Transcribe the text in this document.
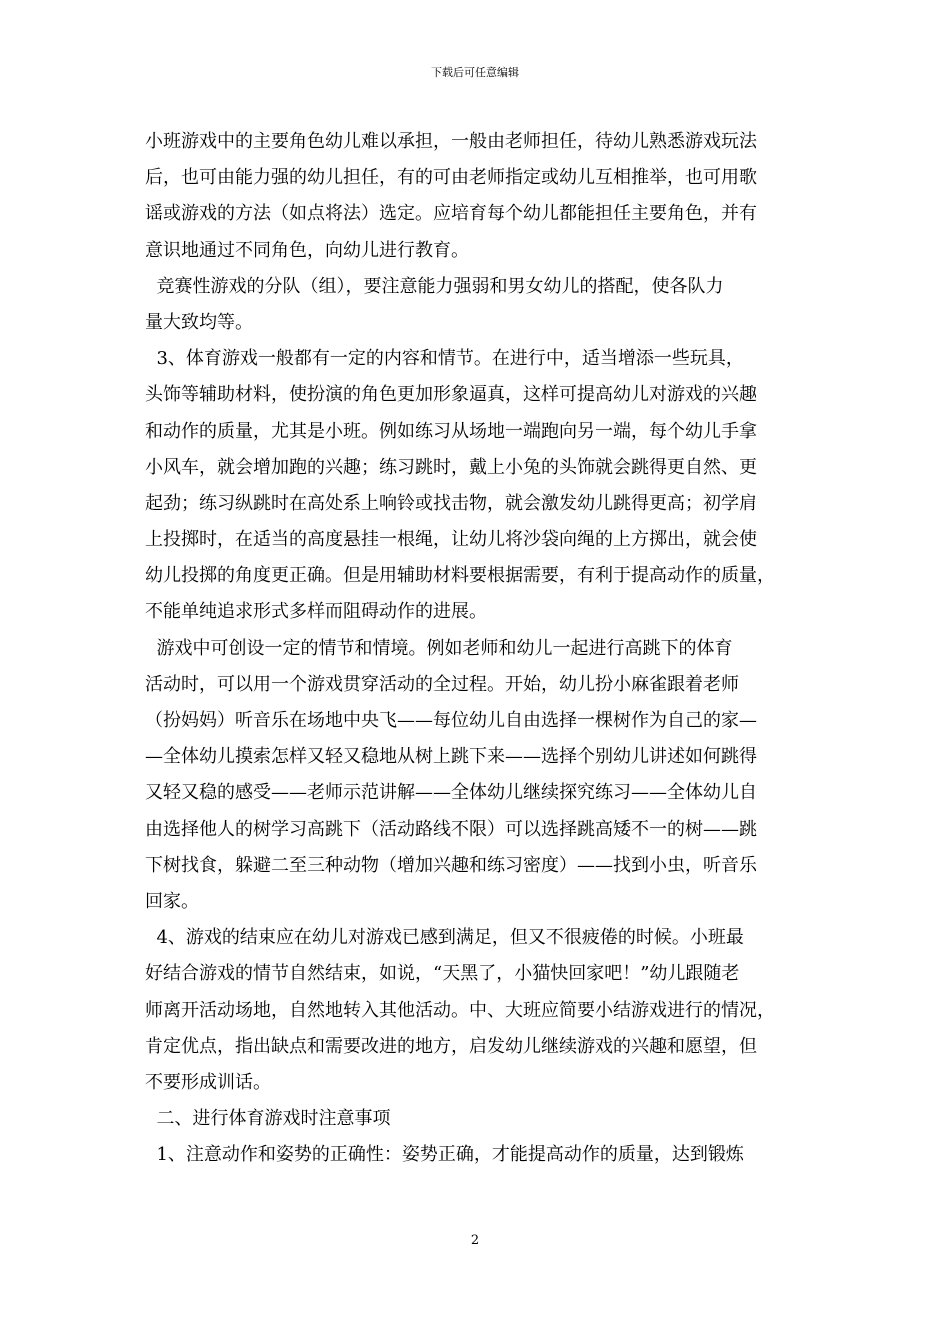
下载后可任意编辑
小班游戏中的主要角色幼儿难以承担，一般由老师担任，待幼儿熟悉游戏玩法
后，也可由能力强的幼儿担任，有的可由老师指定或幼儿互相推举，也可用歌
谣或游戏的方法（如点将法）选定。应培育每个幼儿都能担任主要角色，并有
意识地通过不同角色，向幼儿进行教育。
竞赛性游戏的分队（组），要注意能力强弱和男女幼儿的搭配，使各队力
量大致均等。
3、体育游戏一般都有一定的内容和情节。在进行中，适当增添一些玩具，
头饰等辅助材料，使扮演的角色更加形象逼真，这样可提高幼儿对游戏的兴趣
和动作的质量，尤其是小班。例如练习从场地一端跑向另一端，每个幼儿手拿
小风车，就会增加跑的兴趣；练习跳时，戴上小兔的头饰就会跳得更自然、更
起劲；练习纵跳时在高处系上响铃或找击物，就会激发幼儿跳得更高；初学肩
上投掷时，在适当的高度悬挂一根绳，让幼儿将沙袋向绳的上方掷出，就会使
幼儿投掷的角度更正确。但是用辅助材料要根据需要，有利于提高动作的质量，
不能单纯追求形式多样而阻碍动作的进展。
游戏中可创设一定的情节和情境。例如老师和幼儿一起进行高跳下的体育
活动时，可以用一个游戏贯穿活动的全过程。开始，幼儿扮小麻雀跟着老师
（扮妈妈）听音乐在场地中央飞——每位幼儿自由选择一棵树作为自己的家—
—全体幼儿摸索怎样又轻又稳地从树上跳下来——选择个别幼儿讲述如何跳得
又轻又稳的感受——老师示范讲解——全体幼儿继续探究练习——全体幼儿自
由选择他人的树学习高跳下（活动路线不限）可以选择跳高矮不一的树——跳
下树找食，躲避二至三种动物（增加兴趣和练习密度）——找到小虫，听音乐
回家。
4、游戏的结束应在幼儿对游戏已感到满足，但又不很疲倦的时候。小班最
好结合游戏的情节自然结束，如说，“天黑了，小猫快回家吧！”幼儿跟随老
师离开活动场地，自然地转入其他活动。中、大班应简要小结游戏进行的情况，
肯定优点，指出缺点和需要改进的地方，启发幼儿继续游戏的兴趣和愿望，但
不要形成训话。
二、进行体育游戏时注意事项
1、注意动作和姿势的正确性：姿势正确，才能提高动作的质量，达到锻炼
2
